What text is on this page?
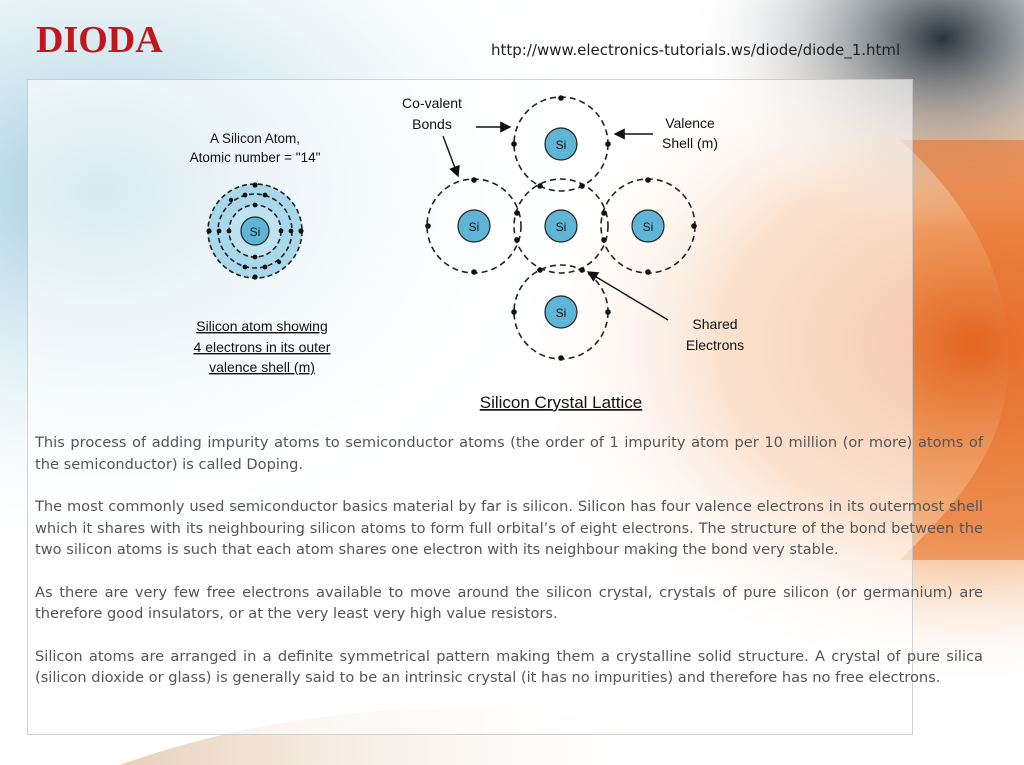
DIODA	http://www.electronics-tutorials.ws/diode/diode_1.html
Si
A Silicon Atom,
Atomic number = "14"
Silicon atom showing
4 electrons in its outer
valence shell (m)
Si
Si	Si	Si
Si
Co-valent
Bonds	Valence
Shell (m)
Shared
Electrons
Silicon Crystal Lattice

This process of adding impurity atoms to semiconductor atoms (the order of 1 impurity atom per 10 million (or more) atoms of the semiconductor) is called Doping.

The most commonly used semiconductor basics material by far is silicon. Silicon has four valence electrons in its outermost shell which it shares with its neighbouring silicon atoms to form full orbital’s of eight electrons. The structure of the bond between the two silicon atoms is such that each atom shares one electron with its neighbour making the bond very stable.

As there are very few free electrons available to move around the silicon crystal, crystals of pure silicon (or germanium) are therefore good insulators, or at the very least very high value resistors.

Silicon atoms are arranged in a definite symmetrical pattern making them a crystalline solid structure. A crystal of pure silica (silicon dioxide or glass) is generally said to be an intrinsic crystal (it has no impurities) and therefore has no free electrons.
